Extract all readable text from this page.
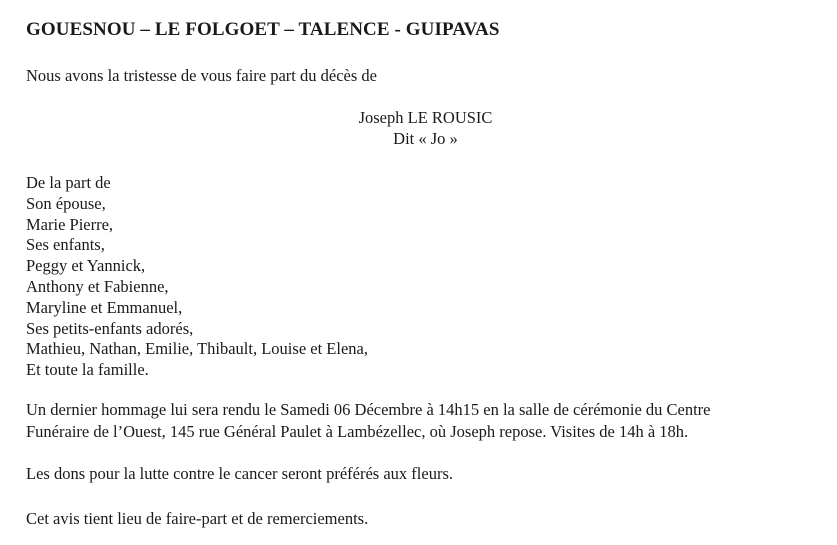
GOUESNOU – LE FOLGOET – TALENCE - GUIPAVAS
Nous avons la tristesse de vous faire part du décès de
Joseph LE ROUSIC
Dit « Jo »
De la part de
Son épouse,
Marie Pierre,
Ses enfants,
Peggy et Yannick,
Anthony et Fabienne,
Maryline et Emmanuel,
Ses petits-enfants adorés,
Mathieu, Nathan, Emilie, Thibault, Louise et Elena,
Et toute la famille.
Un dernier hommage lui sera rendu le Samedi 06 Décembre à 14h15 en la salle de cérémonie du Centre
Funéraire de l’Ouest, 145 rue Général Paulet à Lambézellec, où Joseph repose. Visites de 14h à 18h.
Les dons pour la lutte contre le cancer seront préférés aux fleurs.
Cet avis tient lieu de faire-part et de remerciements.
